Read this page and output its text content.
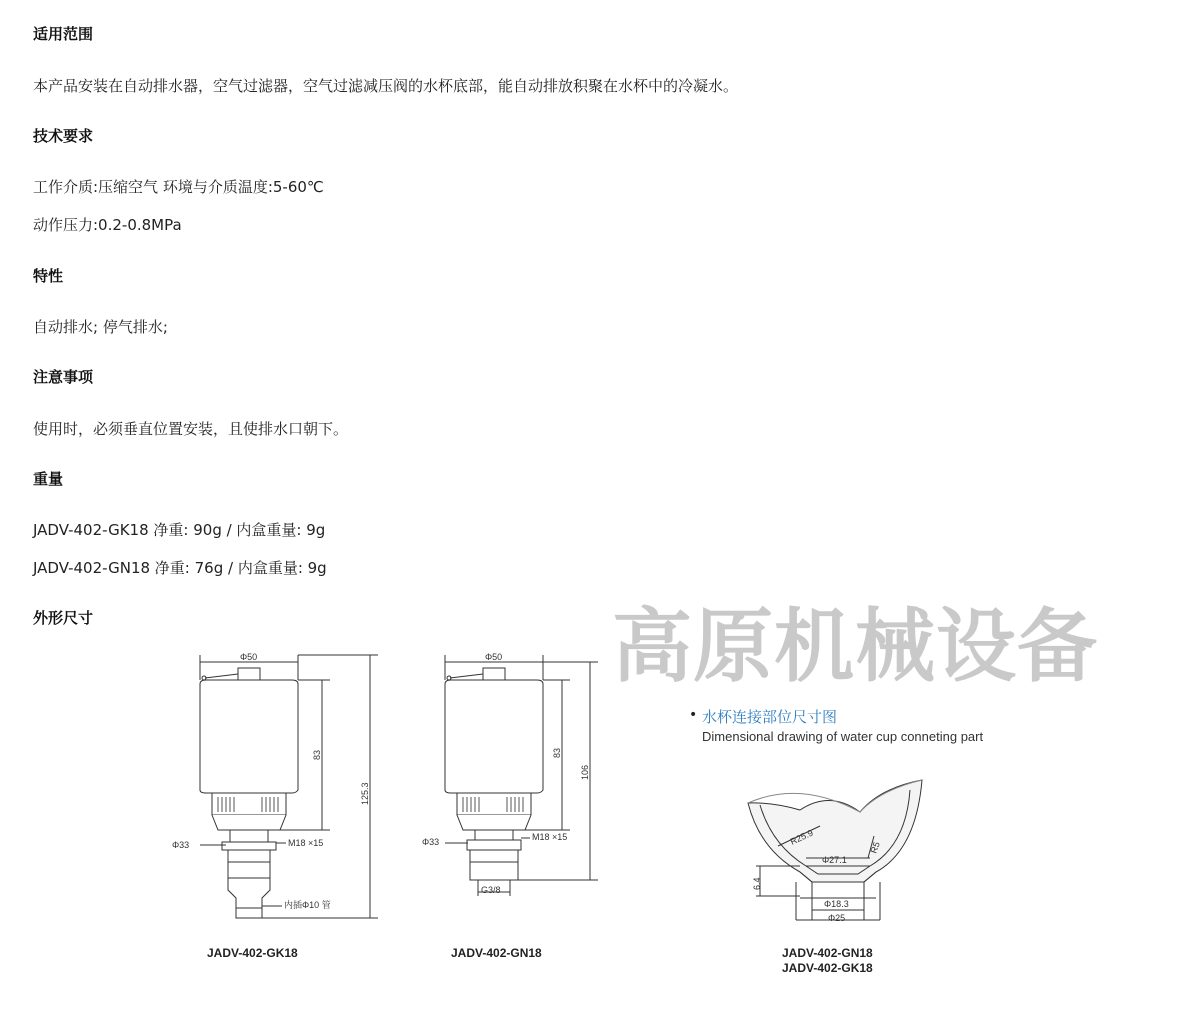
适用范围
本产品安装在自动排水器，空气过滤器，空气过滤减压阀的水杯底部，能自动排放积聚在水杯中的冷凝水。
技术要求
工作介质:压缩空气 环境与介质温度:5-60℃
动作压力:0.2-0.8MPa
特性
自动排水; 停气排水;
注意事项
使用时，必须垂直位置安装，且使排水口朝下。
重量
JADV-402-GK18 净重: 90g / 内盒重量: 9g
JADV-402-GN18 净重: 76g / 内盒重量: 9g
外形尺寸	高原机械设备
Φ50
83
125.3
Φ33	M18 ×15
内插Φ10 管
Φ50
83
106
Φ33	M18 ×15
G3/8
R25.9
R5
Φ27.1
6.4
Φ18.3
Φ25
JADV-402-GK18	JADV-402-GN18	JADV-402-GN18
JADV-402-GK18
• 水杯连接部位尺寸图
Dimensional drawing of water cup conneting part
